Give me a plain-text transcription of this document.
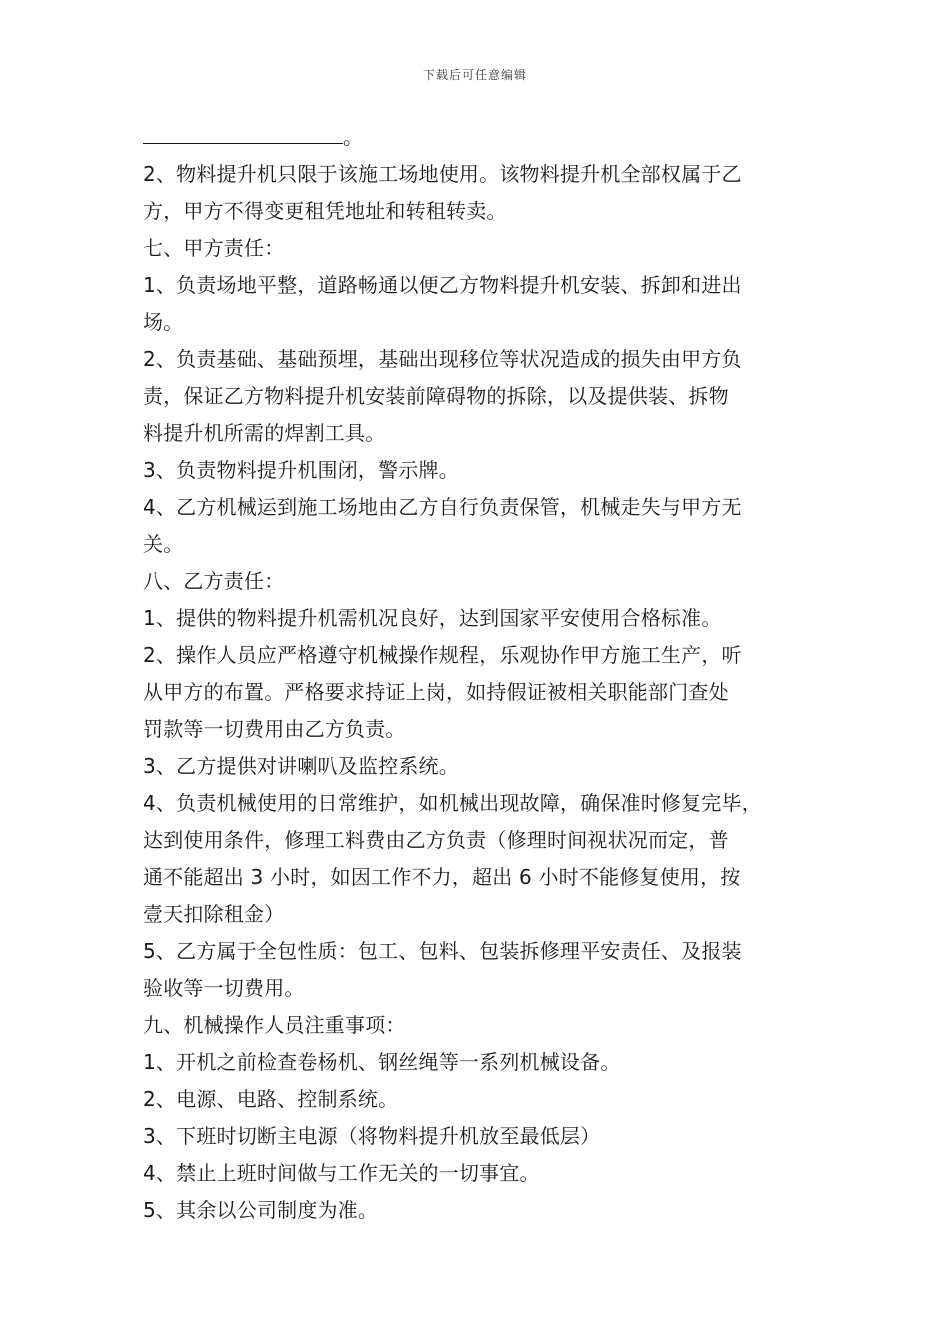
下载后可任意编辑
。
2、物料提升机只限于该施工场地使用。该物料提升机全部权属于乙
方，甲方不得变更租凭地址和转租转卖。
七、甲方责任：
1、负责场地平整，道路畅通以便乙方物料提升机安装、拆卸和进出
场。
2、负责基础、基础预埋，基础出现移位等状况造成的损失由甲方负
责，保证乙方物料提升机安装前障碍物的拆除，以及提供装、拆物
料提升机所需的焊割工具。
3、负责物料提升机围闭，警示牌。
4、乙方机械运到施工场地由乙方自行负责保管，机械走失与甲方无
关。
八、乙方责任：
1、提供的物料提升机需机况良好，达到国家平安使用合格标准。
2、操作人员应严格遵守机械操作规程，乐观协作甲方施工生产，听
从甲方的布置。严格要求持证上岗，如持假证被相关职能部门查处
罚款等一切费用由乙方负责。
3、乙方提供对讲喇叭及监控系统。
4、负责机械使用的日常维护，如机械出现故障，确保准时修复完毕，
达到使用条件，修理工料费由乙方负责（修理时间视状况而定，普
通不能超出 3 小时，如因工作不力，超出 6 小时不能修复使用，按
壹天扣除租金）
5、乙方属于全包性质：包工、包料、包装拆修理平安责任、及报装
验收等一切费用。
九、机械操作人员注重事项：
1、开机之前检查卷杨机、钢丝绳等一系列机械设备。
2、电源、电路、控制系统。
3、下班时切断主电源（将物料提升机放至最低层）
4、禁止上班时间做与工作无关的一切事宜。
5、其余以公司制度为准。
